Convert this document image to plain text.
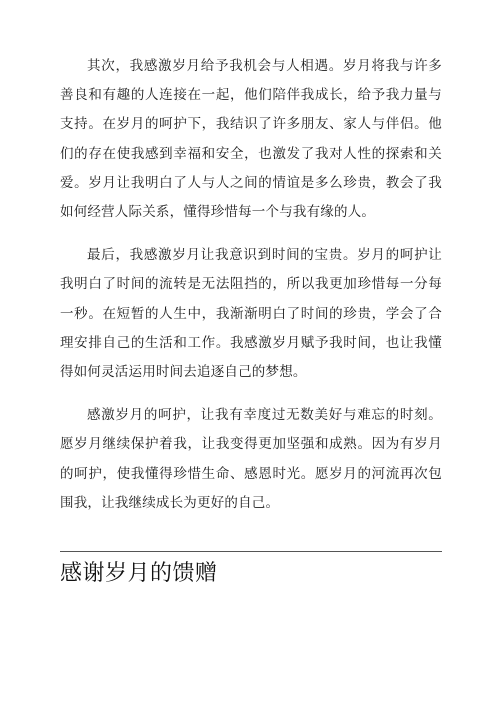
其次，我感激岁月给予我机会与人相遇。岁月将我与许多善良和有趣的人连接在一起，他们陪伴我成长，给予我力量与支持。在岁月的呵护下，我结识了许多朋友、家人与伴侣。他们的存在使我感到幸福和安全，也激发了我对人性的探索和关爱。岁月让我明白了人与人之间的情谊是多么珍贵，教会了我如何经营人际关系，懂得珍惜每一个与我有缘的人。

最后，我感激岁月让我意识到时间的宝贵。岁月的呵护让我明白了时间的流转是无法阻挡的，所以我更加珍惜每一分每一秒。在短暂的人生中，我渐渐明白了时间的珍贵，学会了合理安排自己的生活和工作。我感激岁月赋予我时间，也让我懂得如何灵活运用时间去追逐自己的梦想。

感激岁月的呵护，让我有幸度过无数美好与难忘的时刻。愿岁月继续保护着我，让我变得更加坚强和成熟。因为有岁月的呵护，使我懂得珍惜生命、感恩时光。愿岁月的河流再次包围我，让我继续成长为更好的自己。

感谢岁月的馈赠
